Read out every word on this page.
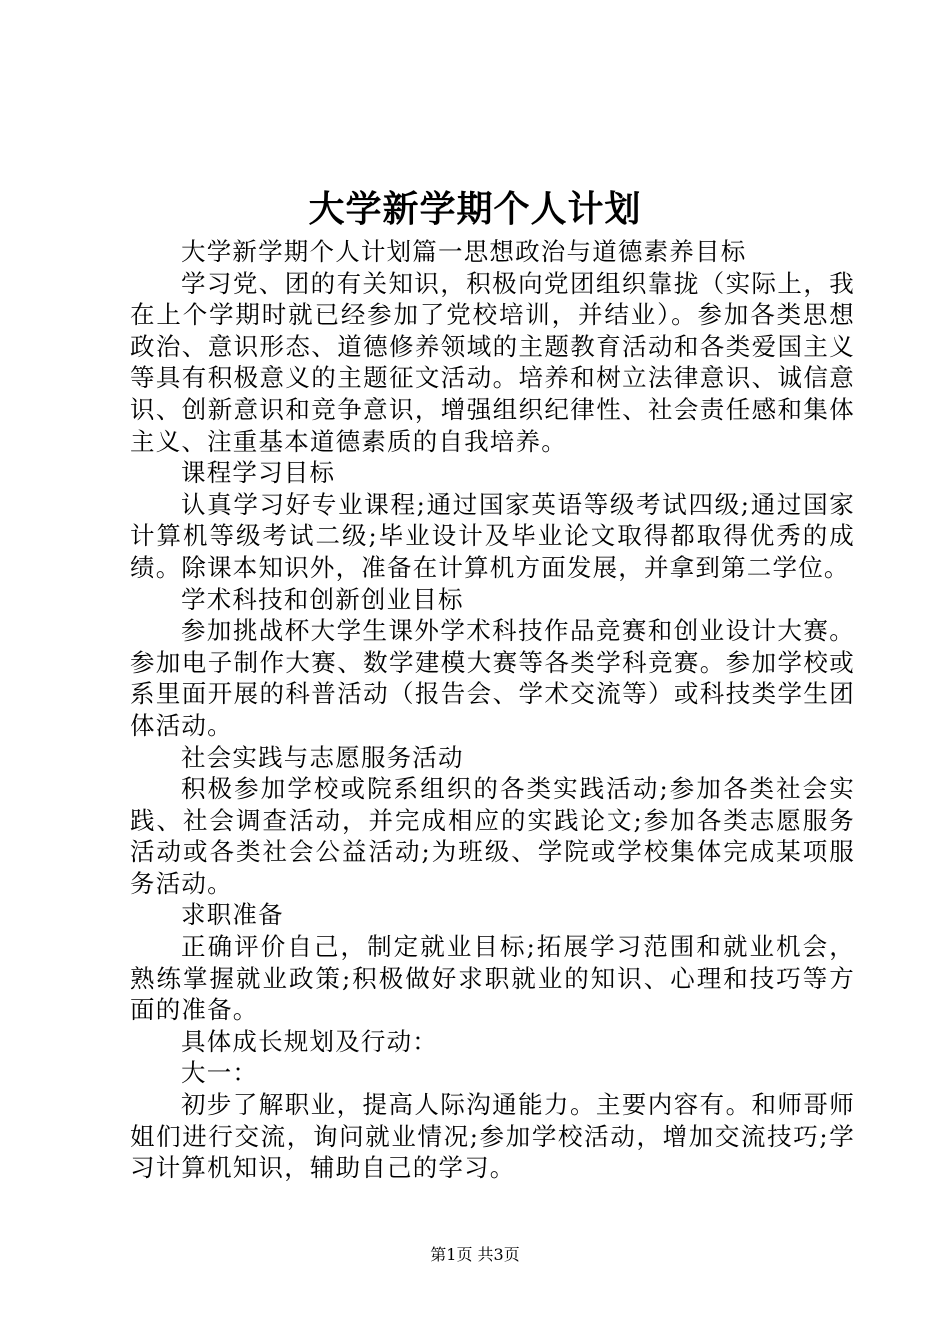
大学新学期个人计划

大学新学期个人计划篇一思想政治与道德素养目标

学习党、团的有关知识，积极向党团组织靠拢（实际上，我在上个学期时就已经参加了党校培训，并结业）。参加各类思想政治、意识形态、道德修养领域的主题教育活动和各类爱国主义等具有积极意义的主题征文活动。培养和树立法律意识、诚信意识、创新意识和竞争意识，增强组织纪律性、社会责任感和集体主义、注重基本道德素质的自我培养。

课程学习目标

认真学习好专业课程;通过国家英语等级考试四级;通过国家计算机等级考试二级;毕业设计及毕业论文取得都取得优秀的成绩。除课本知识外，准备在计算机方面发展，并拿到第二学位。

学术科技和创新创业目标

参加挑战杯大学生课外学术科技作品竞赛和创业设计大赛。参加电子制作大赛、数学建模大赛等各类学科竞赛。参加学校或系里面开展的科普活动（报告会、学术交流等）或科技类学生团体活动。

社会实践与志愿服务活动

积极参加学校或院系组织的各类实践活动;参加各类社会实践、社会调查活动，并完成相应的实践论文;参加各类志愿服务活动或各类社会公益活动;为班级、学院或学校集体完成某项服务活动。

求职准备

正确评价自己，制定就业目标;拓展学习范围和就业机会，熟练掌握就业政策;积极做好求职就业的知识、心理和技巧等方面的准备。

具体成长规划及行动：

大一：

初步了解职业，提高人际沟通能力。主要内容有。和师哥师姐们进行交流，询问就业情况;参加学校活动，增加交流技巧;学习计算机知识，辅助自己的学习。

第1页 共3页
